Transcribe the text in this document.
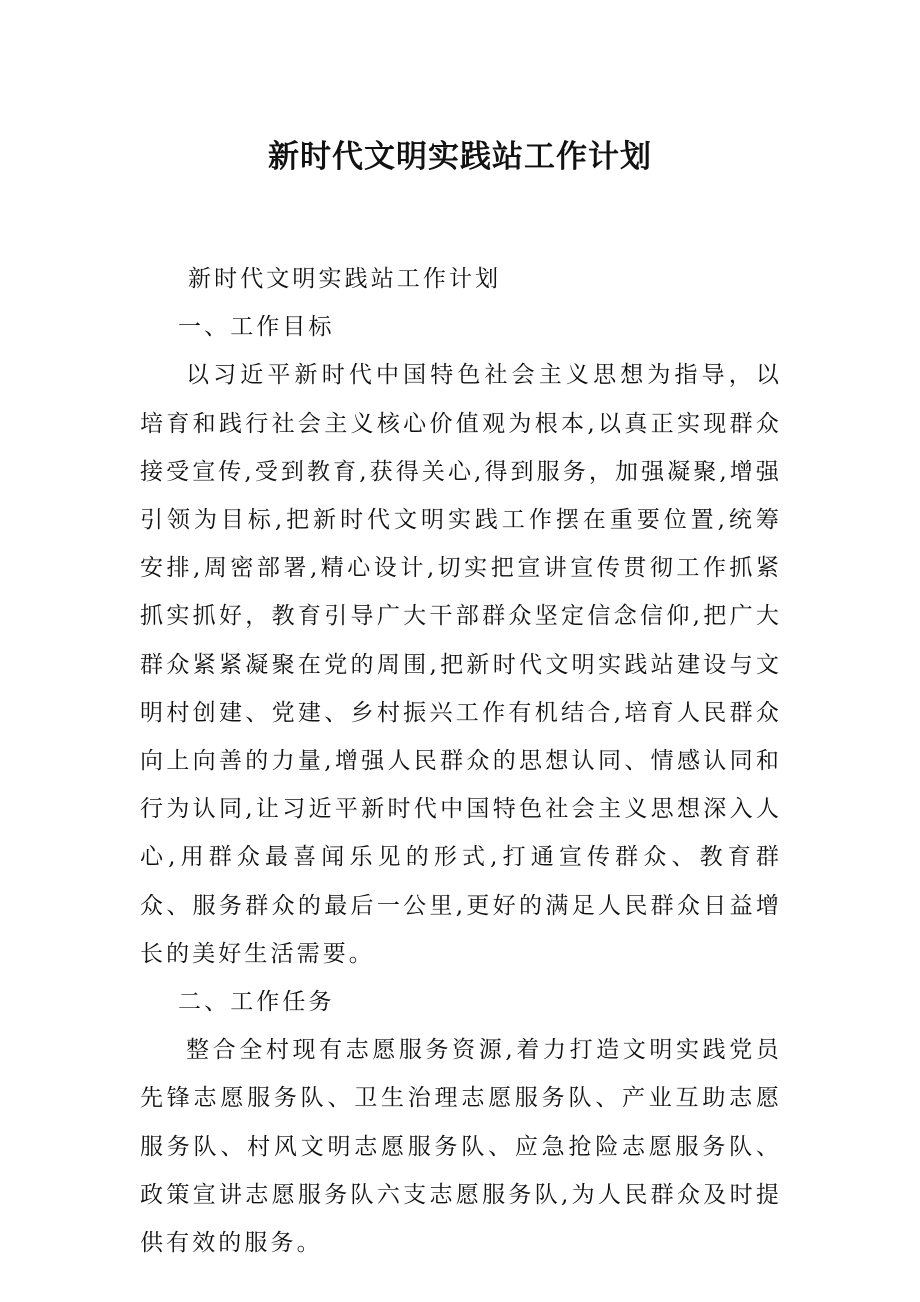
新时代文明实践站工作计划

新时代文明实践站工作计划

一、工作目标

以习近平新时代中国特色社会主义思想为指导，以培育和践行社会主义核心价值观为根本,以真正实现群众接受宣传,受到教育,获得关心,得到服务，加强凝聚,增强引领为目标,把新时代文明实践工作摆在重要位置,统筹安排,周密部署,精心设计,切实把宣讲宣传贯彻工作抓紧抓实抓好，教育引导广大干部群众坚定信念信仰,把广大群众紧紧凝聚在党的周围,把新时代文明实践站建设与文明村创建、党建、乡村振兴工作有机结合,培育人民群众向上向善的力量,增强人民群众的思想认同、情感认同和行为认同,让习近平新时代中国特色社会主义思想深入人心,用群众最喜闻乐见的形式,打通宣传群众、教育群众、服务群众的最后一公里,更好的满足人民群众日益增长的美好生活需要。

二、工作任务

整合全村现有志愿服务资源,着力打造文明实践党员先锋志愿服务队、卫生治理志愿服务队、产业互助志愿服务队、村风文明志愿服务队、应急抢险志愿服务队、政策宣讲志愿服务队六支志愿服务队,为人民群众及时提供有效的服务。
